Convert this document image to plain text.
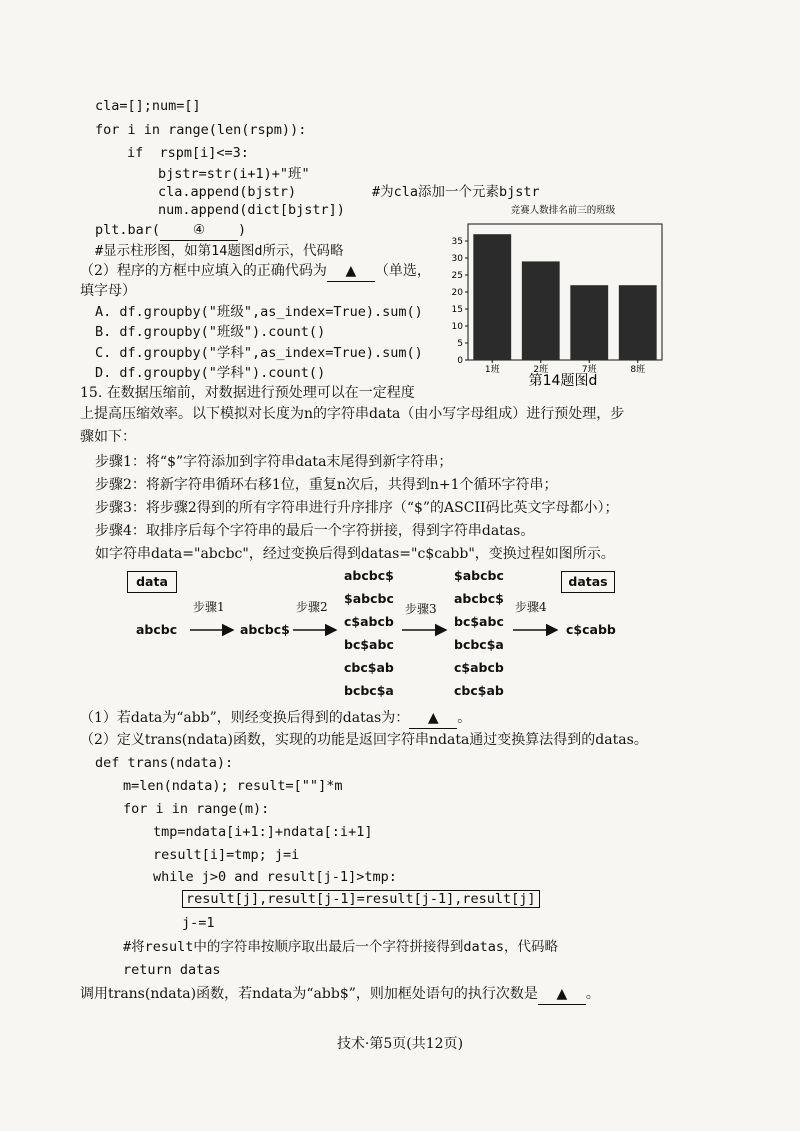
cla=[];num=[]
for i in range(len(rspm)):
if  rspm[i]<=3:
bjstr=str(i+1)+"班"
cla.append(bjstr)	#为cla添加一个元素bjstr
num.append(dict[bjstr])
plt.bar( ④ )
#显示柱形图，如第14题图d所示，代码略
（2）程序的方框中应填入的正确代码为 ▲ （单选，
填字母）
A. df.groupby("班级",as_index=True).sum()
B. df.groupby("班级").count()
C. df.groupby("学科",as_index=True).sum()
D. df.groupby("学科").count()
竞赛人数排名前三的班级
0
5
10
15
20
25
30
35
1班	2班	7班	8班
第14题图d
15. 在数据压缩前，对数据进行预处理可以在一定程度
上提高压缩效率。以下模拟对长度为n的字符串data（由小写字母组成）进行预处理，步
骤如下：
步骤1：将“$”字符添加到字符串data末尾得到新字符串；
步骤2：将新字符串循环右移1位，重复n次后，共得到n+1个循环字符串；
步骤3：将步骤2得到的所有字符串进行升序排序（“$”的ASCII码比英文字母都小）；
步骤4：取排序后每个字符串的最后一个字符拼接，得到字符串datas。
如字符串data="abcbc"，经过变换后得到datas="c$cabb"，变换过程如图所示。
data	datas
abcbc
步骤1
abcbc$
步骤2
abcbc$
$abcbc
c$abcb
bc$abc
cbc$ab
bcbc$a
步骤3
$abcbc
abcbc$
bc$abc
bcbc$a
c$abcb
cbc$ab
步骤4
c$cabb
（1）若data为“abb”，则经变换后得到的datas为： ▲ 。
（2）定义trans(ndata)函数，实现的功能是返回字符串ndata通过变换算法得到的datas。
def trans(ndata):
m=len(ndata); result=[""]*m
for i in range(m):
tmp=ndata[i+1:]+ndata[:i+1]
result[i]=tmp; j=i
while j>0 and result[j-1]>tmp:
result[j],result[j-1]=result[j-1],result[j]
j-=1
#将result中的字符串按顺序取出最后一个字符拼接得到datas，代码略
return datas
调用trans(ndata)函数，若ndata为“abb$”，则加框处语句的执行次数是 ▲ 。
技术·第5页(共12页)
